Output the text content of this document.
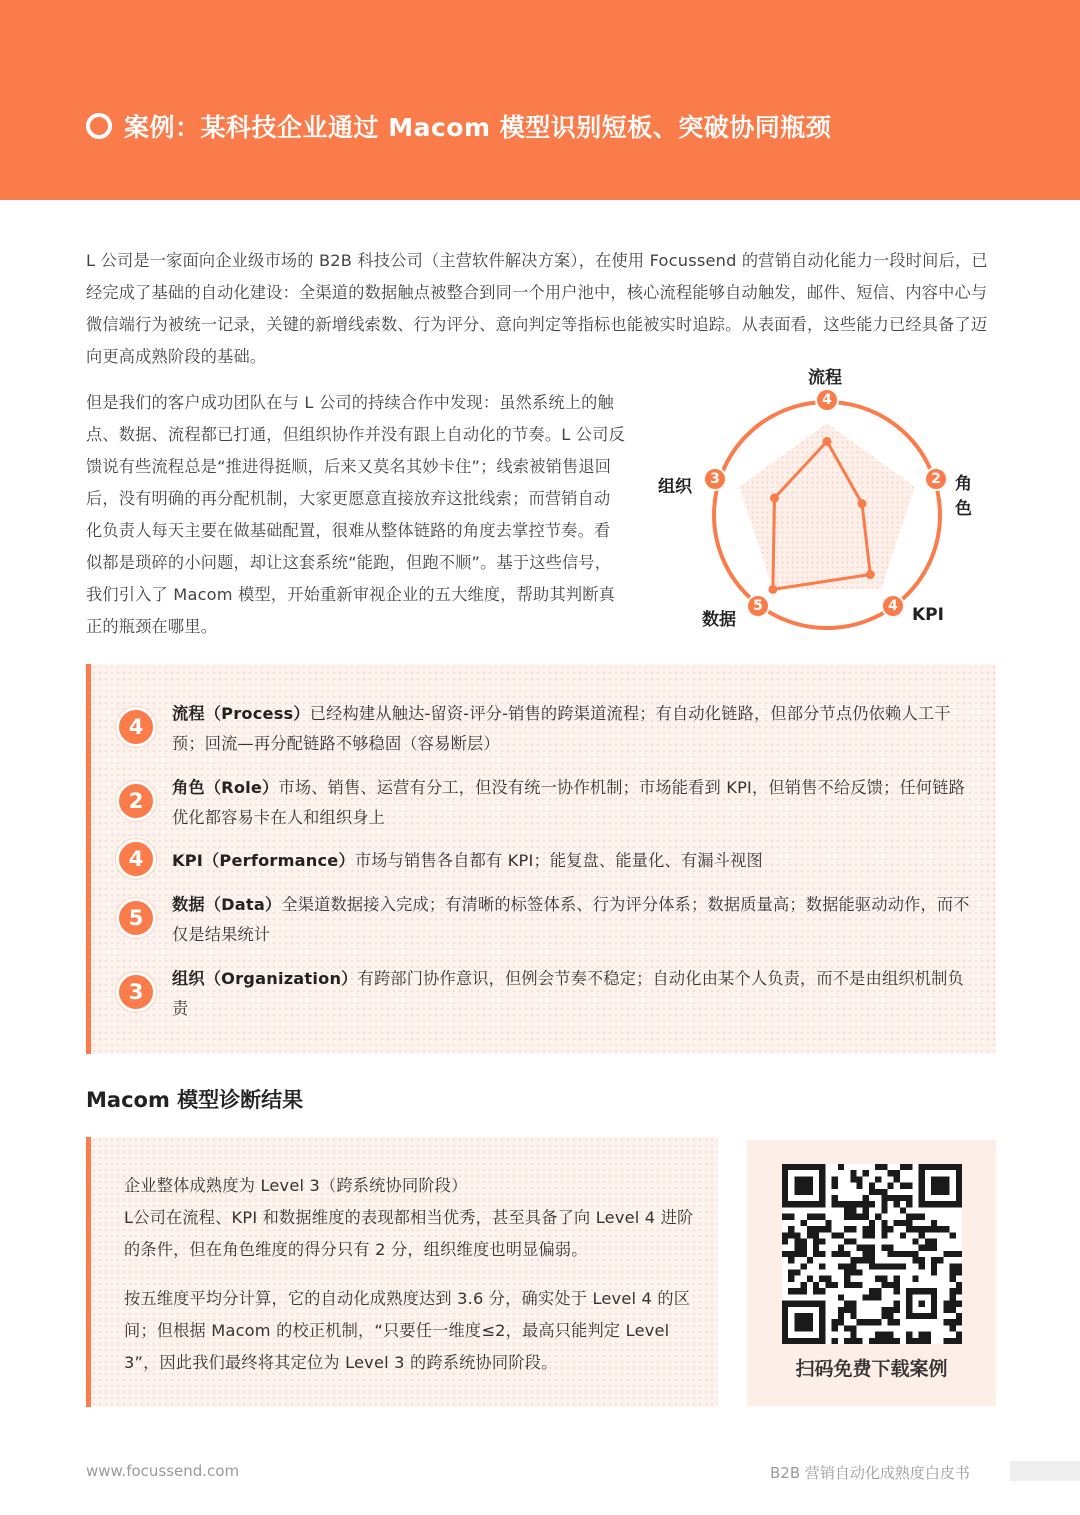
案例：某科技企业通过 Macom 模型识别短板、突破协同瓶颈

L 公司是一家面向企业级市场的 B2B 科技公司（主营软件解决方案），在使用 Focussend 的营销自动化能力一段时间后，已经完成了基础的自动化建设：全渠道的数据触点被整合到同一个用户池中，核心流程能够自动触发，邮件、短信、内容中心与微信端行为被统一记录，关键的新增线索数、行为评分、意向判定等指标也能被实时追踪。从表面看，这些能力已经具备了迈向更高成熟阶段的基础。

但是我们的客户成功团队在与 L 公司的持续合作中发现：虽然系统上的触点、数据、流程都已打通，但组织协作并没有跟上自动化的节奏。L 公司反馈说有些流程总是“推进得挺顺，后来又莫名其妙卡住”；线索被销售退回后，没有明确的再分配机制，大家更愿意直接放弃这批线索；而营销自动化负责人每天主要在做基础配置，很难从整体链路的角度去掌控节奏。看似都是琐碎的小问题，却让这套系统“能跑，但跑不顺”。基于这些信号，我们引入了 Macom 模型，开始重新审视企业的五大维度，帮助其判断真正的瓶颈在哪里。

流程
4
2 角色
4 KPI
数据
5
组织	3
4
流程（Process）已经构建从触达-留资-评分-销售的跨渠道流程；有自动化链路，但部分节点仍依赖人工干预；回流—再分配链路不够稳固（容易断层）
2
角色（Role）市场、销售、运营有分工，但没有统一协作机制；市场能看到 KPI，但销售不给反馈；任何链路优化都容易卡在人和组织身上
4	KPI（Performance）市场与销售各自都有 KPI；能复盘、能量化、有漏斗视图
5
数据（Data）全渠道数据接入完成；有清晰的标签体系、行为评分体系；数据质量高；数据能驱动动作，而不仅是结果统计
3
组织（Organization）有跨部门协作意识，但例会节奏不稳定；自动化由某个人负责，而不是由组织机制负责
Macom 模型诊断结果

企业整体成熟度为 Level 3（跨系统协同阶段）

L公司在流程、KPI 和数据维度的表现都相当优秀，甚至具备了向 Level 4 进阶的条件，但在角色维度的得分只有 2 分，组织维度也明显偏弱。

按五维度平均分计算，它的自动化成熟度达到 3.6 分，确实处于 Level 4 的区间；但根据 Macom 的校正机制，“只要任一维度≤2，最高只能判定 Level 3”，因此我们最终将其定位为 Level 3 的跨系统协同阶段。	扫码免费下载案例
www.focussend.com	B2B 营销自动化成熟度白皮书
